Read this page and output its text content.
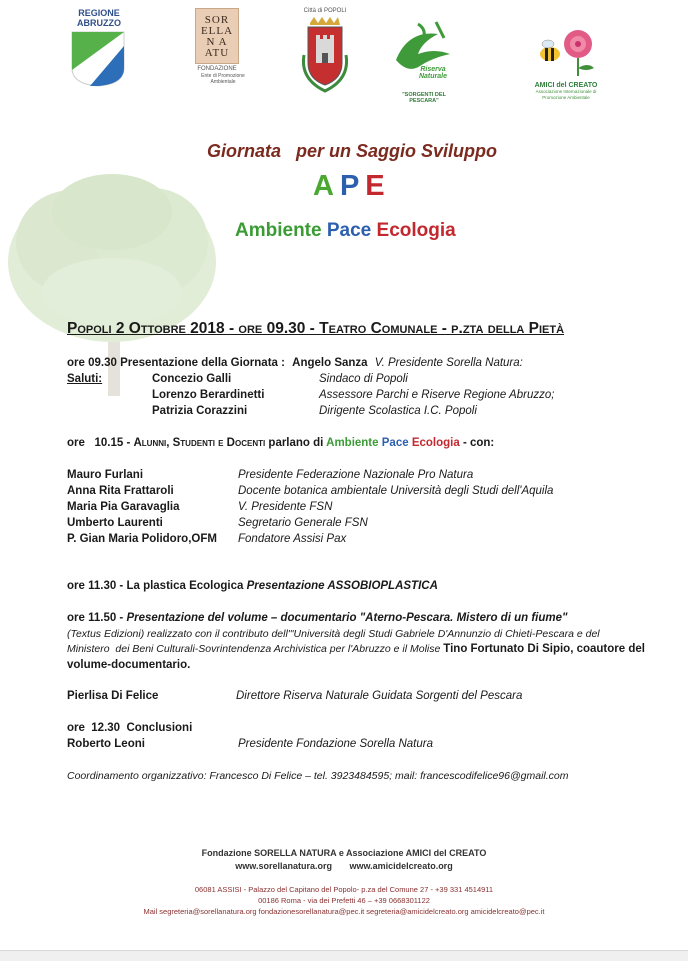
REGIONE ABRUZZO	SOR
ELLA
N A
ATU
FONDAZIONE
Ente di Promozione Ambientale
Città di POPOLI
Riserva Naturale
"SORGENTI DEL PESCARA"
AMICI del CREATO
Associazione Internazionale di Promozione Ambientale
Giornata   per un Saggio Sviluppo
APE
Ambiente Pace Ecologia
Popoli 2 Ottobre 2018 - ore 09.30 - Teatro Comunale - p.zta della Pietà
ore 09.30 Presentazione della Giornata : Angelo Sanza V. Presidente Sorella Natura:
Saluti:	Concezio Galli	Sindaco di Popoli
Lorenzo Berardinetti	Assessore Parchi e Riserve Regione Abruzzo;
Patrizia Corazzini	Dirigente Scolastica I.C. Popoli
ore   10.15 - Alunni, Studenti e Docenti parlano di Ambiente Pace Ecologia - con:
Mauro Furlani	Presidente Federazione Nazionale Pro Natura
Anna Rita Frattaroli	Docente botanica ambientale Università degli Studi dell'Aquila
Maria Pia Garavaglia	V. Presidente FSN
Umberto Laurenti	Segretario Generale FSN
P. Gian Maria Polidoro,OFM Fondatore Assisi Pax
ore 11.30 - La plastica Ecologica Presentazione ASSOBIOPLASTICA
ore 11.50 - Presentazione del volume – documentario "Aterno-Pescara. Mistero di un fiume"
(Textus Edizioni) realizzato con il contributo dell'"Università degli Studi Gabriele D'Annunzio di Chieti-Pescara e del
Ministero  dei Beni Culturali-Sovrintendenza Archivistica per l'Abruzzo e il Molise Tino Fortunato Di Sipio, coautore del
volume-documentario.
Pierlisa Di Felice	Direttore Riserva Naturale Guidata Sorgenti del Pescara
ore  12.30  Conclusioni
Roberto Leoni	Presidente Fondazione Sorella Natura
Coordinamento organizzativo: Francesco Di Felice – tel. 3923484595; mail: francescodifelice96@gmail.com
Fondazione SORELLA NATURA e Associazione AMICI del CREATO
www.sorellanatura.org       www.amicidelcreato.org
06081 ASSISI - Palazzo del Capitano del Popolo- p.za del Comune 27 - +39 331 4514911
00186 Roma - via dei Prefetti 46 – +39 0668301122
Mail segreteria@sorellanatura.org fondazionesorellanatura@pec.it segreteria@amicidelcreato.org amicidelcreato@pec.it
